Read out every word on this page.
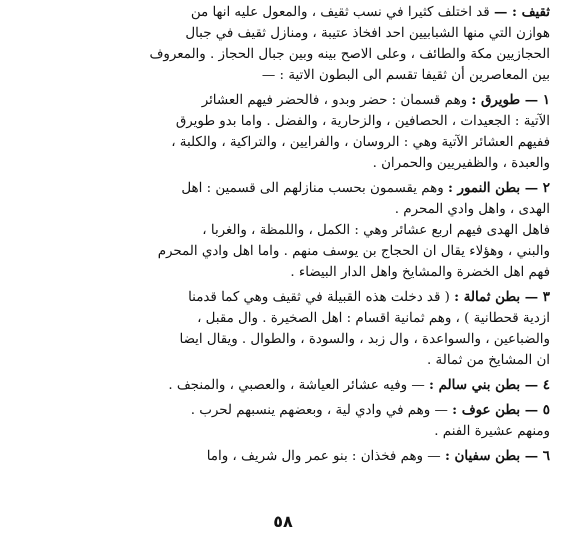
ثقيف : — قد اختلف كثيرا في نسب ثقيف ، والمعول عليه انها من
هوازن التي منها الشبابيين احد افخاذ عتيبة ، ومنازل ثقيف في جبال
الحجازيين مكة والطائف ، وعلى الاصح بينه وبين جبال الحجاز . والمعروف
بين المعاصرين أن ثقيفا تقسم الى البطون الاتية : —
١ — طويرق : وهم قسمان : حضر وبدو ، فالحضر فيهم العشائر
الآتية : الجعيدات ، الحصافين ، والزحارية ، والفضل . واما بدو طويرق
ففيهم العشائر الآتية وهي : الروسان ، والفرايين ، والتراكية ، والكلبة ،
والعبدة ، والظفيريين والحمران .
٢ — بطن النمور : وهم يقسمون بحسب منازلهم الى قسمين : اهل
الهدى ، واهل وادي المحرم .
فاهل الهدى فيهم اربع عشائر وهي : الكمل ، واللمظة ، والغربا ،
والبني ، وهؤلاء يقال ان الحجاج بن يوسف منهم . واما اهل وادي المحرم
فهم اهل الخضرة والمشايخ واهل الدار البيضاء .
٣ — بطن ثمالة : ( قد دخلت هذه القبيلة في ثقيف وهي كما قدمنا
ازدية قحطانية ) ، وهم ثمانية اقسام : اهل الصخيرة . وال مقبل ،
والضباعين ، والسواعدة ، وال زبد ، والسودة ، والطوال . ويقال ايضا
ان المشايخ من ثمالة .
٤ — بطن بني سالم : — وفيه عشائر العياشة ، والعصبي ، والمنجف .
٥ — بطن عوف : — وهم في وادي لية ، وبعضهم ينسبهم لحرب .
ومنهم عشيرة الفنم .
٦ — بطن سفيان : — وهم فخذان : بنو عمر وال شريف ، واما
٥٨
